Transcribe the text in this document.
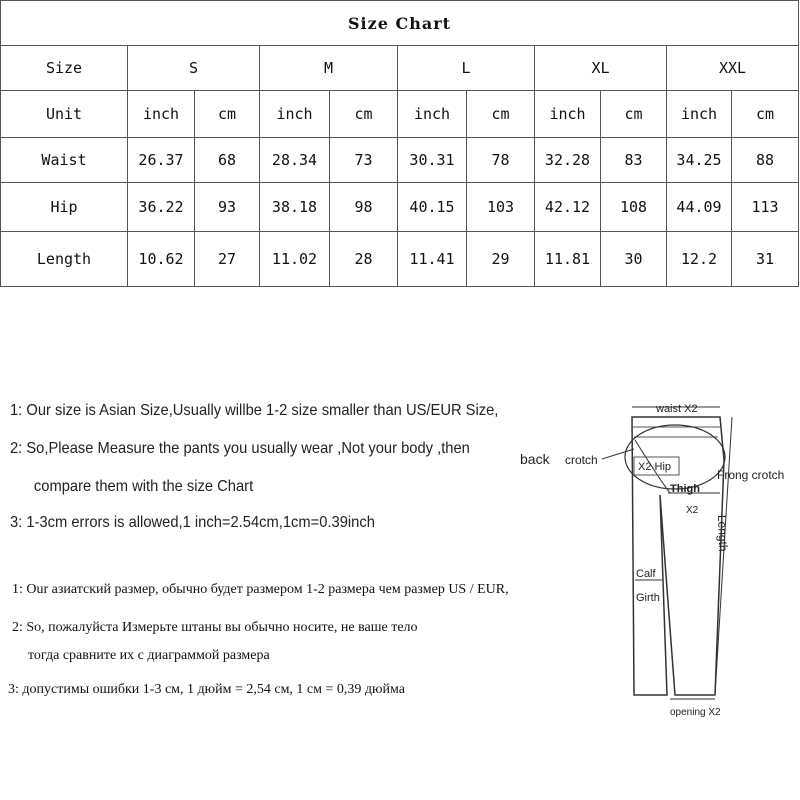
Size Chart										
Size	S		M		L		XL		XXL	
Unit	inch	cm	inch	cm	inch	cm	inch	cm	inch	cm
Waist	26.37	68	28.34	73	30.31	78	32.28	83	34.25	88
Hip	36.22	93	38.18	98	40.15	103	42.12	108	44.09	113
Length	10.62	27	11.02	28	11.41	29	11.81	30	12.2	31
1: Our size is Asian Size,Usually willbe 1-2 size smaller than US/EUR Size,
2: So,Please Measure the pants you usually wear ,Not your body ,then
compare them with the size Chart
3: 1-3cm errors is allowed,1 inch=2.54cm,1cm=0.39inch
1: Our азиатский размер, обычно будет размером 1-2 размера чем размер US / EUR,
2: So, пожалуйста Измерьте штаны вы обычно носите, не ваше тело
тогда сравните их с диаграммой размера
3: допустимы ошибки 1-3 см, 1 дюйм = 2,54 см, 1 см = 0,39 дюйма
waist X2
X2 Hip
Thigh
X2
Length
Calf
Girth
opening X2
back crotch
Frong crotch
